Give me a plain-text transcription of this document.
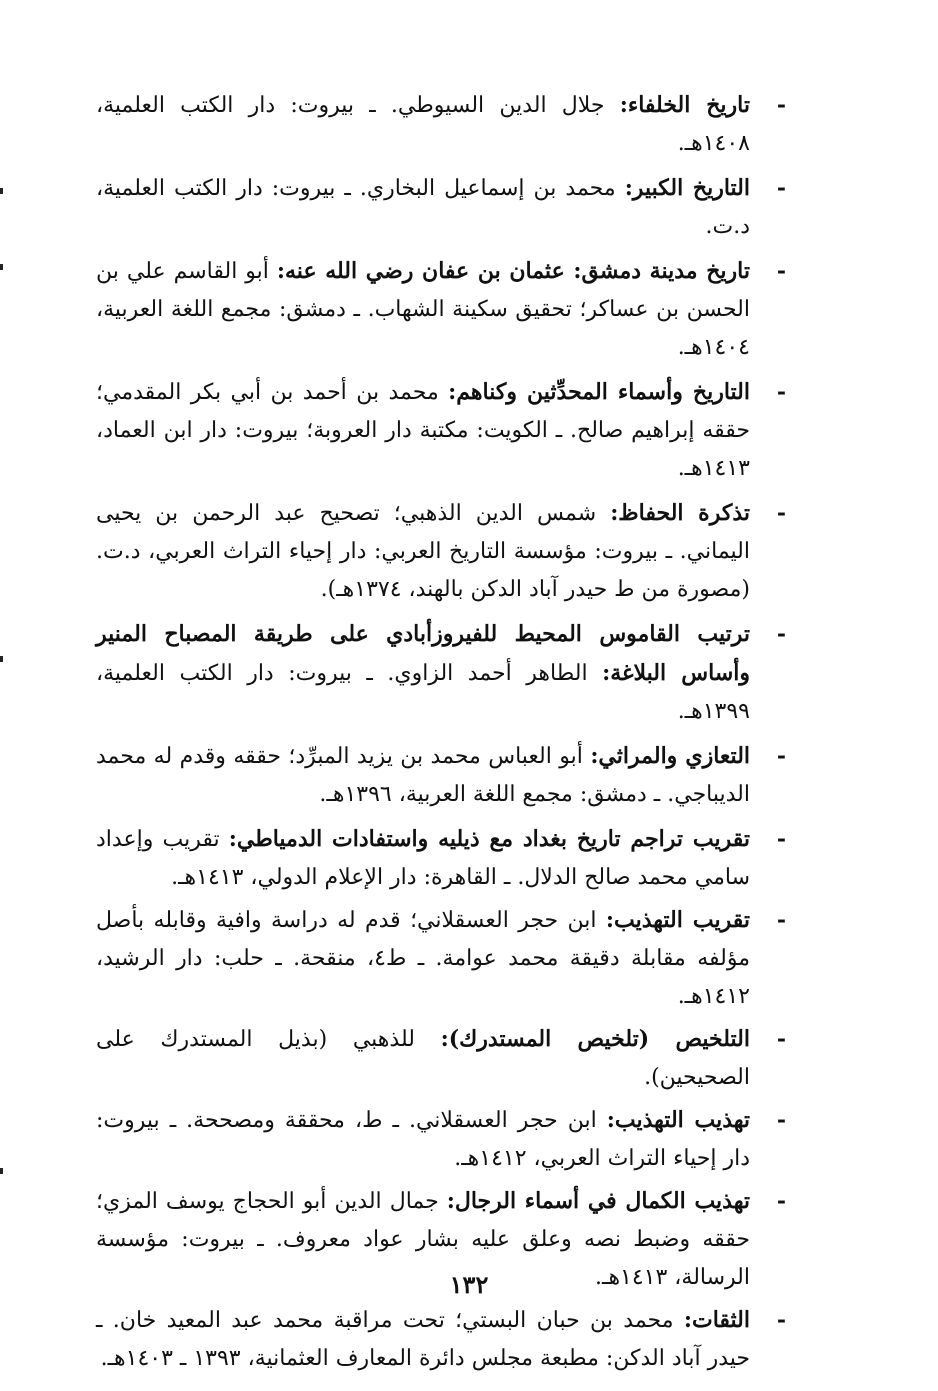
-
تاريخ الخلفاء: جلال الدين السيوطي. ـ بيروت: دار الكتب العلمية، ١٤٠٨هـ.
-
التاريخ الكبير: محمد بن إسماعيل البخاري. ـ بيروت: دار الكتب العلمية، د.ت.
-
تاريخ مدينة دمشق: عثمان بن عفان رضي الله عنه: أبو القاسم علي بن الحسن بن عساكر؛ تحقيق سكينة الشهاب. ـ دمشق: مجمع اللغة العربية، ١٤٠٤هـ.
-
التاريخ وأسماء المحدِّثين وكناهم: محمد بن أحمد بن أبي بكر المقدمي؛ حققه إبراهيم صالح. ـ الكويت: مكتبة دار العروبة؛ بيروت: دار ابن العماد، ١٤١٣هـ.
-
تذكرة الحفاظ: شمس الدين الذهبي؛ تصحيح عبد الرحمن بن يحيى اليماني. ـ بيروت: مؤسسة التاريخ العربي: دار إحياء التراث العربي، د.ت. (مصورة من ط حيدر آباد الدكن بالهند، ١٣٧٤هـ).
-
ترتيب القاموس المحيط للفيروزأبادي على طريقة المصباح المنير وأساس البلاغة: الطاهر أحمد الزاوي. ـ بيروت: دار الكتب العلمية، ١٣٩٩هـ.
-
التعازي والمراثي: أبو العباس محمد بن يزيد المبرِّد؛ حققه وقدم له محمد الديباجي. ـ دمشق: مجمع اللغة العربية، ١٣٩٦هـ.
-
تقريب تراجم تاريخ بغداد مع ذيليه واستفادات الدمياطي: تقريب وإعداد سامي محمد صالح الدلال. ـ القاهرة: دار الإعلام الدولي، ١٤١٣هـ.
-
تقريب التهذيب: ابن حجر العسقلاني؛ قدم له دراسة وافية وقابله بأصل مؤلفه مقابلة دقيقة محمد عوامة. ـ ط٤، منقحة. ـ حلب: دار الرشيد، ١٤١٢هـ.
-
التلخيص (تلخيص المستدرك): للذهبي (بذيل المستدرك على الصحيحين).
-
تهذيب التهذيب: ابن حجر العسقلاني. ـ ط، محققة ومصححة. ـ بيروت: دار إحياء التراث العربي، ١٤١٢هـ.
-
تهذيب الكمال في أسماء الرجال: جمال الدين أبو الحجاج يوسف المزي؛ حققه وضبط نصه وعلق عليه بشار عواد معروف. ـ بيروت: مؤسسة الرسالة، ١٤١٣هـ.
-
الثقات: محمد بن حبان البستي؛ تحت مراقبة محمد عبد المعيد خان. ـ حيدر آباد الدكن: مطبعة مجلس دائرة المعارف العثمانية، ١٣٩٣ ـ ١٤٠٣هـ.
١٣٢
